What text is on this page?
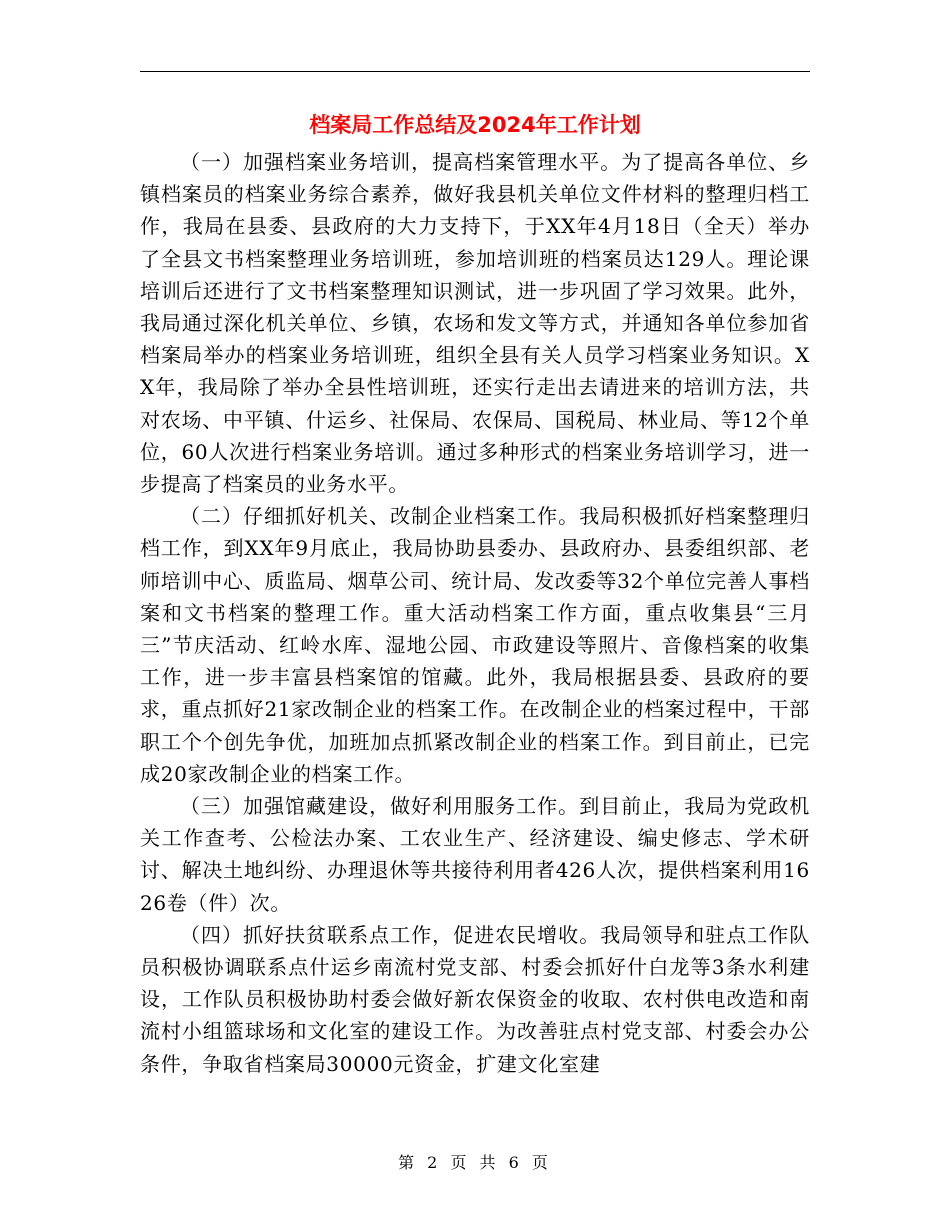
档案局工作总结及2024年工作计划

（一）加强档案业务培训，提高档案管理水平。为了提高各单位、乡镇档案员的档案业务综合素养，做好我县机关单位文件材料的整理归档工作，我局在县委、县政府的大力支持下，于XX年4月18日（全天）举办了全县文书档案整理业务培训班，参加培训班的档案员达129人。理论课培训后还进行了文书档案整理知识测试，进一步巩固了学习效果。此外，我局通过深化机关单位、乡镇，农场和发文等方式，并通知各单位参加省档案局举办的档案业务培训班，组织全县有关人员学习档案业务知识。XX年，我局除了举办全县性培训班，还实行走出去请进来的培训方法，共对农场、中平镇、什运乡、社保局、农保局、国税局、林业局、等12个单位，60人次进行档案业务培训。通过多种形式的档案业务培训学习，进一步提高了档案员的业务水平。

（二）仔细抓好机关、改制企业档案工作。我局积极抓好档案整理归档工作，到XX年9月底止，我局协助县委办、县政府办、县委组织部、老师培训中心、质监局、烟草公司、统计局、发改委等32个单位完善人事档案和文书档案的整理工作。重大活动档案工作方面，重点收集县“三月三”节庆活动、红岭水库、湿地公园、市政建设等照片、音像档案的收集工作，进一步丰富县档案馆的馆藏。此外，我局根据县委、县政府的要求，重点抓好21家改制企业的档案工作。在改制企业的档案过程中，干部职工个个创先争优，加班加点抓紧改制企业的档案工作。到目前止，已完成20家改制企业的档案工作。

（三）加强馆藏建设，做好利用服务工作。到目前止，我局为党政机关工作查考、公检法办案、工农业生产、经济建设、编史修志、学术研讨、解决土地纠纷、办理退休等共接待利用者426人次，提供档案利用1626卷（件）次。

（四）抓好扶贫联系点工作，促进农民增收。我局领导和驻点工作队员积极协调联系点什运乡南流村党支部、村委会抓好什白龙等3条水利建设，工作队员积极协助村委会做好新农保资金的收取、农村供电改造和南流村小组篮球场和文化室的建设工作。为改善驻点村党支部、村委会办公条件，争取省档案局30000元资金，扩建文化室建

第 2 页 共 6 页
